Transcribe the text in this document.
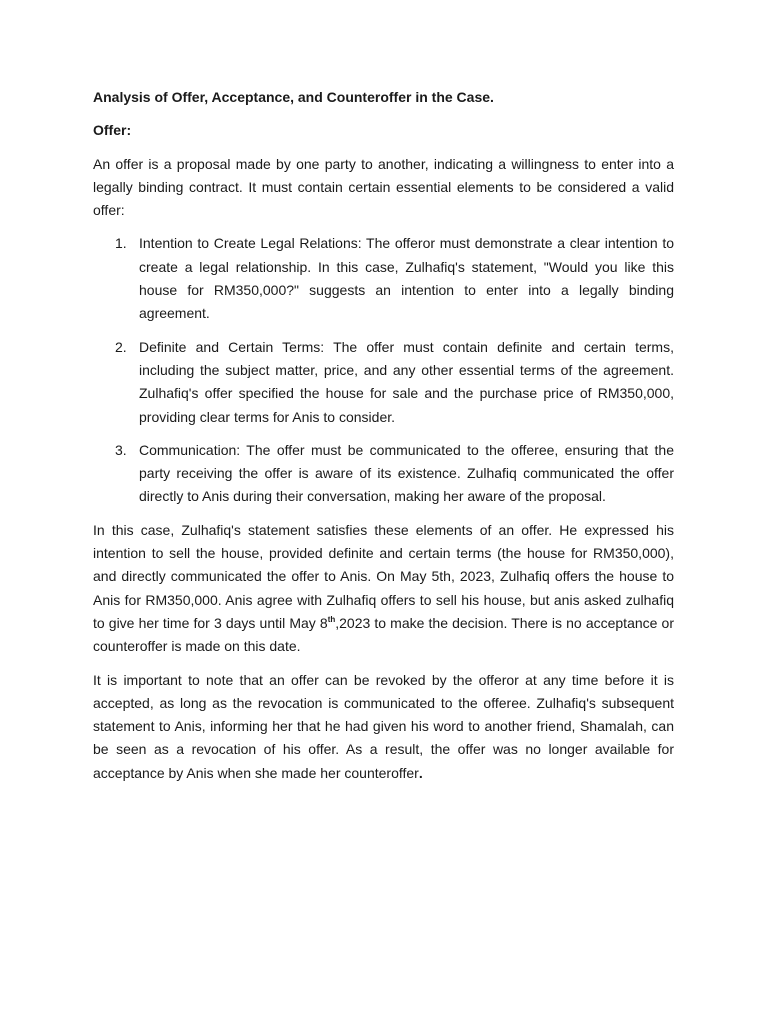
Analysis of Offer, Acceptance, and Counteroffer in the Case.

Offer:

An offer is a proposal made by one party to another, indicating a willingness to enter into a legally binding contract. It must contain certain essential elements to be considered a valid offer:

1. Intention to Create Legal Relations: The offeror must demonstrate a clear intention to create a legal relationship. In this case, Zulhafiq's statement, "Would you like this house for RM350,000?" suggests an intention to enter into a legally binding agreement.
2. Definite and Certain Terms: The offer must contain definite and certain terms, including the subject matter, price, and any other essential terms of the agreement. Zulhafiq's offer specified the house for sale and the purchase price of RM350,000, providing clear terms for Anis to consider.
3. Communication: The offer must be communicated to the offeree, ensuring that the party receiving the offer is aware of its existence. Zulhafiq communicated the offer directly to Anis during their conversation, making her aware of the proposal.

In this case, Zulhafiq's statement satisfies these elements of an offer. He expressed his intention to sell the house, provided definite and certain terms (the house for RM350,000), and directly communicated the offer to Anis. On May 5th, 2023, Zulhafiq offers the house to Anis for RM350,000. Anis agree with Zulhafiq offers to sell his house, but anis asked zulhafiq to give her time for 3 days until May 8th,2023 to make the decision. There is no acceptance or counteroffer is made on this date.

It is important to note that an offer can be revoked by the offeror at any time before it is accepted, as long as the revocation is communicated to the offeree. Zulhafiq's subsequent statement to Anis, informing her that he had given his word to another friend, Shamalah, can be seen as a revocation of his offer. As a result, the offer was no longer available for acceptance by Anis when she made her counteroffer.
